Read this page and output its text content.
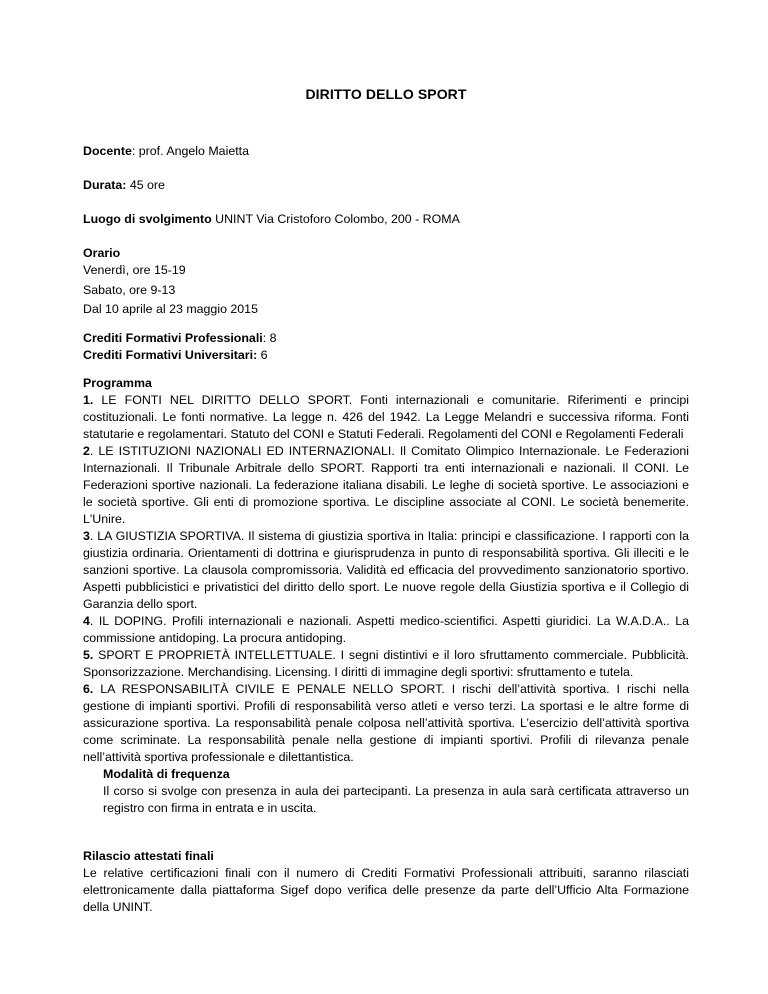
DIRITTO DELLO SPORT
Docente: prof. Angelo Maietta
Durata: 45 ore
Luogo di svolgimento UNINT Via Cristoforo Colombo, 200 - ROMA
Orario
Venerdì, ore 15-19
Sabato, ore 9-13
Dal 10 aprile al 23 maggio 2015
Crediti Formativi Professionali: 8
Crediti Formativi Universitari: 6

Programma

1. LE FONTI NEL DIRITTO DELLO SPORT. Fonti internazionali e comunitarie. Riferimenti e principi costituzionali. Le fonti normative. La legge n. 426 del 1942. La Legge Melandri e successiva riforma. Fonti statutarie e regolamentari. Statuto del CONI e Statuti Federali. Regolamenti del CONI e Regolamenti Federali

2. LE ISTITUZIONI NAZIONALI ED INTERNAZIONALI. Il Comitato Olimpico Internazionale. Le Federazioni Internazionali. Il Tribunale Arbitrale dello SPORT. Rapporti tra enti internazionali e nazionali. Il CONI. Le Federazioni sportive nazionali. La federazione italiana disabili. Le leghe di società sportive. Le associazioni e le società sportive. Gli enti di promozione sportiva. Le discipline associate al CONI. Le società benemerite. L'Unire.

3. LA GIUSTIZIA SPORTIVA. Il sistema di giustizia sportiva in Italia: principi e classificazione. I rapporti con la giustizia ordinaria. Orientamenti di dottrina e giurisprudenza in punto di responsabilità sportiva. Gli illeciti e le sanzioni sportive. La clausola compromissoria. Validità ed efficacia del provvedimento sanzionatorio sportivo. Aspetti pubblicistici e privatistici del diritto dello sport. Le nuove regole della Giustizia sportiva e il Collegio di Garanzia dello sport.

4. IL DOPING. Profili internazionali e nazionali. Aspetti medico-scientifici. Aspetti giuridici. La W.A.D.A.. La commissione antidoping. La procura antidoping.

5. SPORT E PROPRIETÀ INTELLETTUALE. I segni distintivi e il loro sfruttamento commerciale. Pubblicità. Sponsorizzazione. Merchandising. Licensing. I diritti di immagine degli sportivi: sfruttamento e tutela.

6. LA RESPONSABILITÀ CIVILE E PENALE NELLO SPORT. I rischi dell’attività sportiva. I rischi nella gestione di impianti sportivi. Profili di responsabilità verso atleti e verso terzi. La sportasi e le altre forme di assicurazione sportiva. La responsabilità penale colposa nell’attività sportiva. L’esercizio dell’attività sportiva come scriminate. La responsabilità penale nella gestione di impianti sportivi. Profili di rilevanza penale nell’attività sportiva professionale e dilettantistica.

Modalità di frequenza

Il corso si svolge con presenza in aula dei partecipanti. La presenza in aula sarà certificata attraverso un registro con firma in entrata e in uscita.

Rilascio attestati finali

Le relative certificazioni finali con il numero di Crediti Formativi Professionali attribuiti, saranno rilasciati elettronicamente dalla piattaforma Sigef dopo verifica delle presenze da parte dell’Ufficio Alta Formazione della UNINT.
